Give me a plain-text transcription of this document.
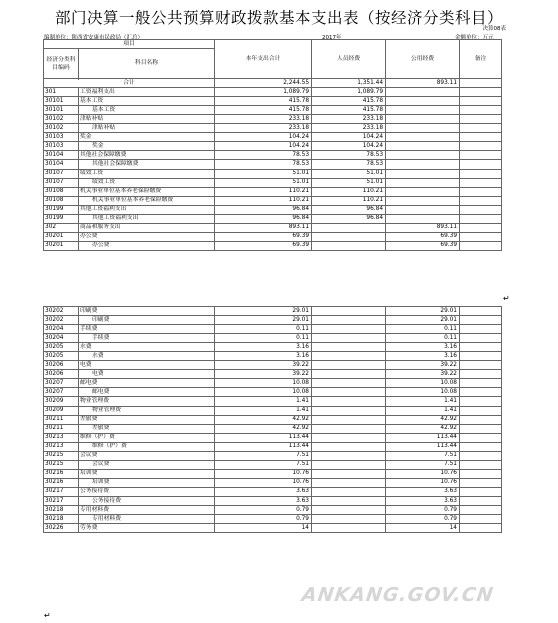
部门决算一般公共预算财政拨款基本支出表（按经济分类科目）
决算08表
编制单位：陕西省安康市民政局（汇总）	2017年	金额单位：万元
项目		本年支出合计	人员经费	公用经费	备注
经济分类科目编码	科目名称				

合计		2,244.55	1,351.44	893.11	
301	工资福利支出	1,089.79	1,089.79		
30101	基本工资	415.78	415.78		
30101	基本工资	415.78	415.78		
30102	津贴补贴	233.18	233.18		
30102	津贴补贴	233.18	233.18		
30103	奖金	104.24	104.24		
30103	奖金	104.24	104.24		
30104	其他社会保障缴费	78.53	78.53		
30104	其他社会保障缴费	78.53	78.53		
30107	绩效工资	51.01	51.01		
30107	绩效工资	51.01	51.01		
30108	机关事业单位基本养老保险缴费	110.21	110.21		
30108	机关事业单位基本养老保险缴费	110.21	110.21		
30199	其他工资福利支出	96.84	96.84		
30199	其他工资福利支出	96.84	96.84		
302	商品和服务支出	893.11		893.11	
30201	办公费	69.39		69.39	
30201	办公费	69.39		69.39	
↵
30202	印刷费	29.01		29.01	
30202	印刷费	29.01		29.01	
30204	手续费	0.11		0.11	
30204	手续费	0.11		0.11	
30205	水费	3.16		3.16	
30205	水费	3.16		3.16	
30206	电费	39.22		39.22	
30206	电费	39.22		39.22	
30207	邮电费	10.08		10.08	
30207	邮电费	10.08		10.08	
30209	物业管理费	1.41		1.41	
30209	物业管理费	1.41		1.41	
30211	差旅费	42.92		42.92	
30211	差旅费	42.92		42.92	
30213	维修（护）费	113.44		113.44	
30213	维修（护）费	113.44		113.44	
30215	会议费	7.51		7.51	
30215	会议费	7.51		7.51	
30216	培训费	10.76		10.76	
30216	培训费	10.76		10.76	
30217	公务接待费	3.63		3.63	
30217	公务接待费	3.63		3.63	
30218	专用材料费	0.79		0.79	
30218	专用材料费	0.79		0.79	
30226	劳务费	14		14	
↵
ANKANG.GOV.CN
